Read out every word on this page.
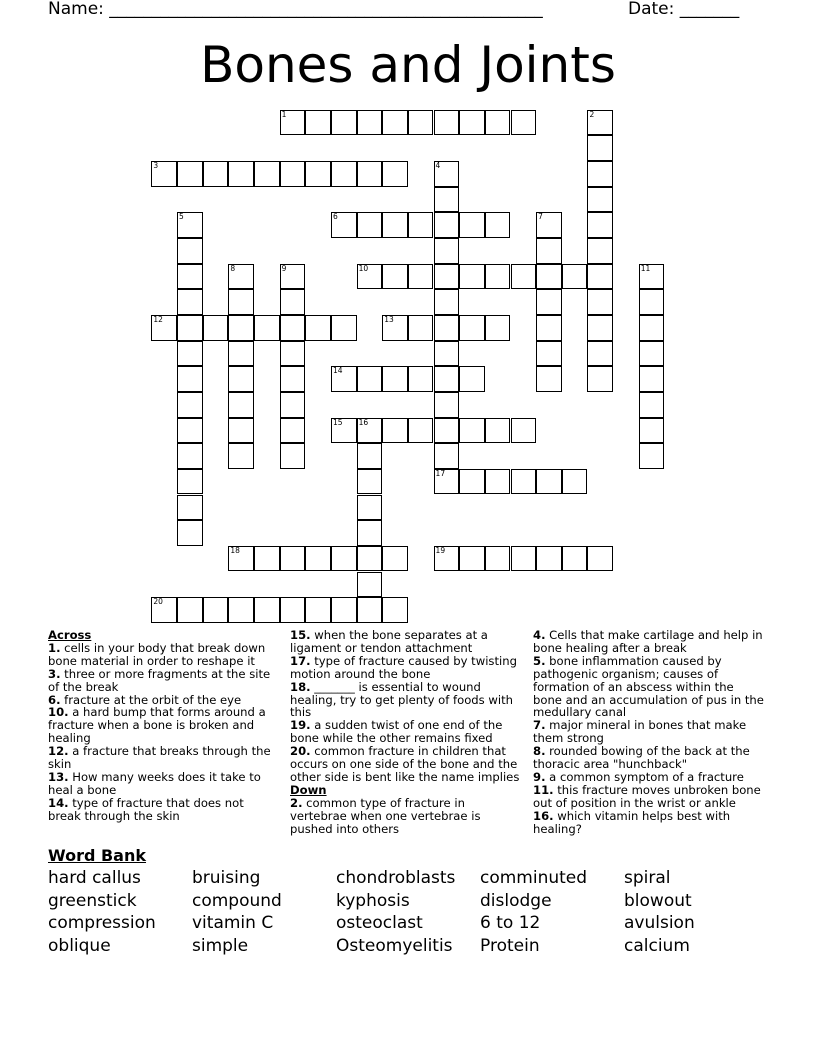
Name: ___________________________________________________	Date: _______
Bones and Joints
1	2
3	4
17
5	6	7
8	9	10	11
12	13
14
15 16
18	19
20

Across

1. cells in your body that break down bone material in order to reshape it

3. three or more fragments at the site of the break

6. fracture at the orbit of the eye

10. a hard bump that forms around a fracture when a bone is broken and healing

12. a fracture that breaks through the skin

13. How many weeks does it take to heal a bone

14. type of fracture that does not break through the skin

15. when the bone separates at a ligament or tendon attachment

17. type of fracture caused by twisting motion around the bone

18. _______ is essential to wound healing, try to get plenty of foods with this

19. a sudden twist of one end of the bone while the other remains fixed

20. common fracture in children that occurs on one side of the bone and the other side is bent like the name implies

Down

2. common type of fracture in vertebrae when one vertebrae is pushed into others

4. Cells that make cartilage and help in bone healing after a break

5. bone inflammation caused by pathogenic organism; causes of formation of an abscess within the bone and an accumulation of pus in the medullary canal

7. major mineral in bones that make them strong

8. rounded bowing of the back at the thoracic area "hunchback"

9. a common symptom of a fracture

11. this fracture moves unbroken bone out of position in the wrist or ankle

16. which vitamin helps best with healing?

Word Bank

hard callus	bruising	chondroblasts	comminuted	spiral
greenstick	compound	kyphosis	dislodge	blowout
compression	vitamin C	osteoclast	6 to 12	avulsion
oblique	simple	Osteomyelitis	Protein	calcium
